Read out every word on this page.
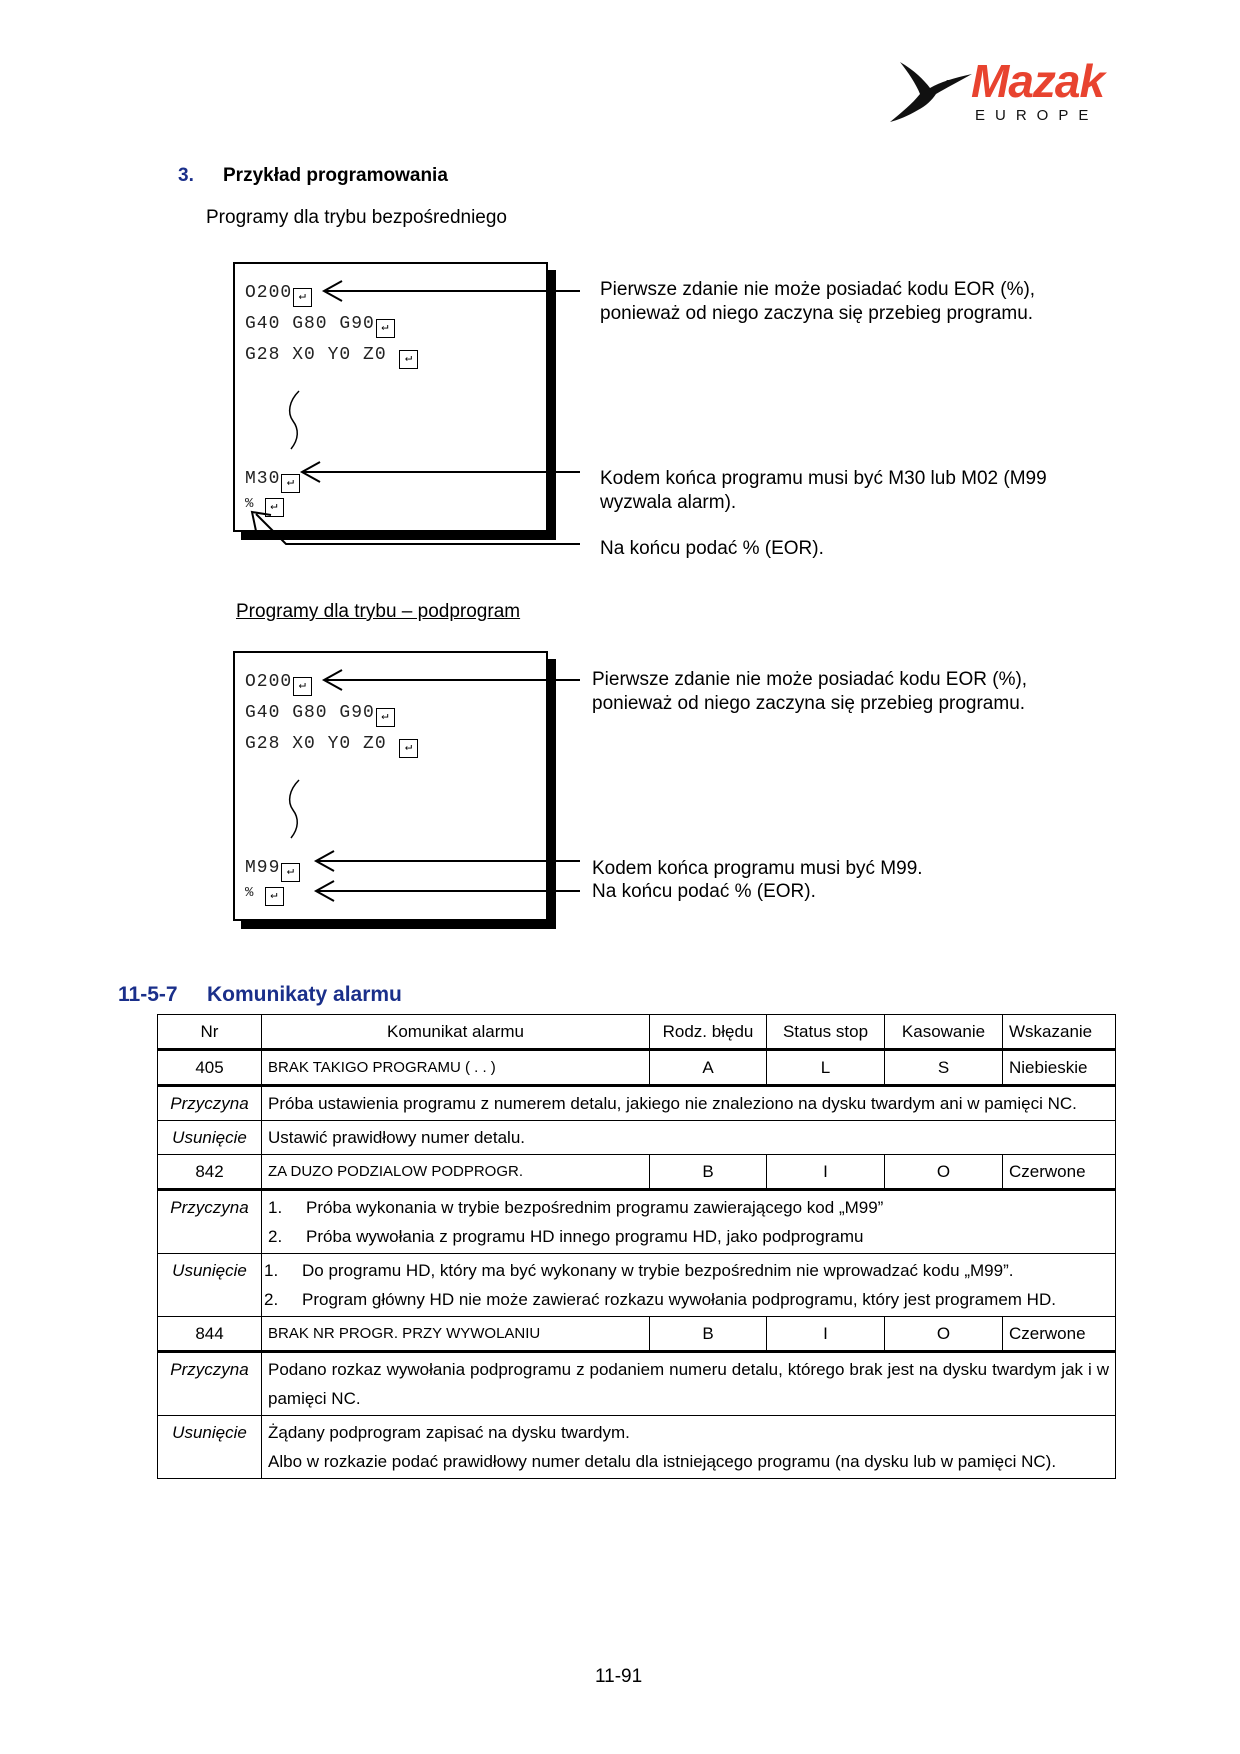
Mazak
EUROPE
3. Przykład programowania
Programy dla trybu bezpośredniego
O200 ↵
G40 G80 G90 ↵
G28 X0 Y0 Z0 ↵
M30 ↵
% ↵
Pierwsze zdanie nie może posiadać kodu EOR (%), ponieważ od niego zaczyna się przebieg programu.
Kodem końca programu musi być M30 lub M02 (M99 wyzwala alarm).
Na końcu podać % (EOR).
Programy dla trybu – podprogram
O200 ↵
G40 G80 G90 ↵
G28 X0 Y0 Z0 ↵
M99 ↵
% ↵
Pierwsze zdanie nie może posiadać kodu EOR (%), ponieważ od niego zaczyna się przebieg programu.
Kodem końca programu musi być M99.
Na końcu podać % (EOR).
11-5-7 Komunikaty alarmu
Nr	Komunikat alarmu	Rodz. błędu	Status stop	Kasowanie	Wskazanie
405	BRAK TAKIGO PROGRAMU ( . . )	A	L	S	Niebieskie
Przyczyna	Próba ustawienia programu z numerem detalu, jakiego nie znaleziono na dysku twardym ani w pamięci NC.				
Usunięcie	Ustawić prawidłowy numer detalu.				
842	ZA DUZO PODZIALOW PODPROGR.	B	I	O	Czerwone
Przyczyna	1. Próba wykonania w trybie bezpośrednim programu zawierającego kod „M99”
2. Próba wywołania z programu HD innego programu HD, jako podprogramu				

Usunięcie	1. Do programu HD, który ma być wykonany w trybie bezpośrednim nie wprowadzać kodu „M99”.
2. Program główny HD nie może zawierać rozkazu wywołania podprogramu, który jest programem HD.				

844	BRAK NR PROGR. PRZY WYWOLANIU	B	I	O	Czerwone
Przyczyna	Podano rozkaz wywołania podprogramu z podaniem numeru detalu, którego brak jest na dysku twardym jak i w pamięci NC.				
Usunięcie	Żądany podprogram zapisać na dysku twardym.
Albo w rozkazie podać prawidłowy numer detalu dla istniejącego programu (na dysku lub w pamięci NC).				
11-91
